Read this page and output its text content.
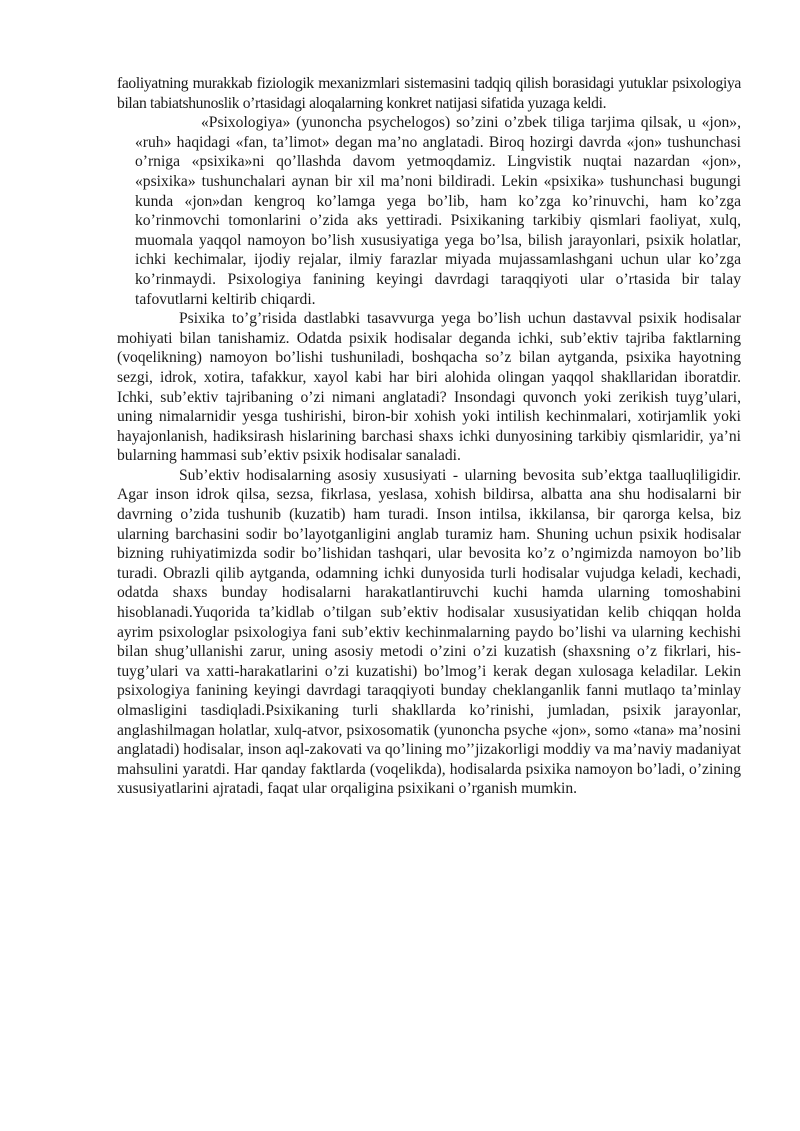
faoliyatning murakkab fiziologik mexanizmlari sistemasini tadqiq qilish borasidagi yutuklar psixologiya bilan tabiatshunoslik o’rtasidagi aloqalarning konkret natijasi sifatida yuzaga keldi.

«Psixologiya» (yunoncha psychelogos) so’zini o’zbek tiliga tarjima qilsak, u «jon», «ruh» haqidagi «fan, ta’limot» degan ma’no anglatadi. Biroq hozirgi davrda «jon» tushunchasi o’rniga «psixika»ni qo’llashda davom yetmoqdamiz. Lingvistik nuqtai nazardan «jon», «psixika» tushunchalari aynan bir xil ma’noni bildiradi. Lekin «psixika» tushunchasi bugungi kunda «jon»dan kengroq ko’lamga yega bo’lib, ham ko’zga ko’rinuvchi, ham ko’zga ko’rinmovchi tomonlarini o’zida aks yettiradi. Psixikaning tarkibiy qismlari faoliyat, xulq, muomala yaqqol namoyon bo’lish xususiyatiga yega bo’lsa, bilish jarayonlari, psixik holatlar, ichki kechimalar, ijodiy rejalar, ilmiy farazlar miyada mujassamlashgani uchun ular ko’zga ko’rinmaydi. Psixologiya fanining keyingi davrdagi taraqqiyoti ular o’rtasida bir talay tafovutlarni keltirib chiqardi.

Psixika to’g’risida dastlabki tasavvurga yega bo’lish uchun dastavval psixik hodisalar mohiyati bilan tanishamiz. Odatda psixik hodisalar deganda ichki, sub’ektiv tajriba faktlarning (voqelikning) namoyon bo’lishi tushuniladi, boshqacha so’z bilan aytganda, psixika hayotning sezgi, idrok, xotira, tafakkur, xayol kabi har biri alohida olingan yaqqol shakllaridan iboratdir. Ichki, sub’ektiv tajribaning o’zi nimani anglatadi? Insondagi quvonch yoki zerikish tuyg’ulari, uning nimalarnidir yesga tushirishi, biron-bir xohish yoki intilish kechinmalari, xotirjamlik yoki hayajonlanish, hadiksirash hislarining barchasi shaxs ichki dunyosining tarkibiy qismlaridir, ya’ni bularning hammasi sub’ektiv psixik hodisalar sanaladi.

Sub’ektiv hodisalarning asosiy xususiyati - ularning bevosita sub’ektga taalluqliligidir. Agar inson idrok qilsa, sezsa, fikrlasa, yeslasa, xohish bildirsa, albatta ana shu hodisalarni bir davrning o’zida tushunib (kuzatib) ham turadi. Inson intilsa, ikkilansa, bir qarorga kelsa, biz ularning barchasini sodir bo’layotganligini anglab turamiz ham. Shuning uchun psixik hodisalar bizning ruhiyatimizda sodir bo’lishidan tashqari, ular bevosita ko’z o’ngimizda namoyon bo’lib turadi. Obrazli qilib aytganda, odamning ichki dunyosida turli hodisalar vujudga keladi, kechadi, odatda shaxs bunday hodisalarni harakatlantiruvchi kuchi hamda ularning tomoshabini hisoblanadi.Yuqorida ta’kidlab o’tilgan sub’ektiv hodisalar xususiyatidan kelib chiqqan holda ayrim psixologlar psixologiya fani sub’ektiv kechinmalarning paydo bo’lishi va ularning kechishi bilan shug’ullanishi zarur, uning asosiy metodi o’zini o’zi kuzatish (shaxsning o’z fikrlari, his-tuyg’ulari va xatti-harakatlarini o’zi kuzatishi) bo’lmog’i kerak degan xulosaga keladilar. Lekin psixologiya fanining keyingi davrdagi taraqqiyoti bunday cheklanganlik fanni mutlaqo ta’minlay olmasligini tasdiqladi.Psixikaning turli shakllarda ko’rinishi, jumladan, psixik jarayonlar, anglashilmagan holatlar, xulq-atvor, psixosomatik (yunoncha psyche «jon», somo «tana» ma’nosini anglatadi) hodisalar, inson aql-zakovati va qo’lining mo’’jizakorligi moddiy va ma’naviy madaniyat mahsulini yaratdi. Har qanday faktlarda (voqelikda), hodisalarda psixika namoyon bo’ladi, o’zining xususiyatlarini ajratadi, faqat ular orqaligina psixikani o’rganish mumkin.
